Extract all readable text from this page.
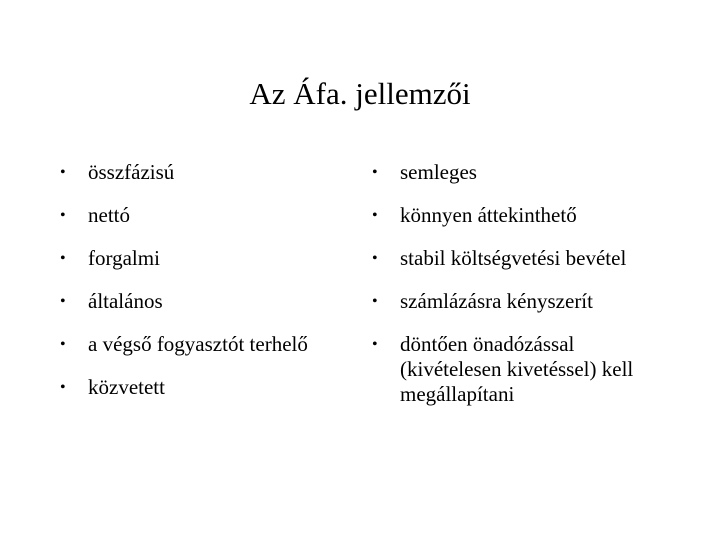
Az Áfa. jellemzői
• összfázisú
• nettó
• forgalmi
• általános
• a végső fogyasztót terhelő
• közvetett
• semleges
• könnyen áttekinthető
• stabil költségvetési bevétel
• számlázásra kényszerít
• döntően önadózással (kivételesen kivetéssel) kell megállapítani
